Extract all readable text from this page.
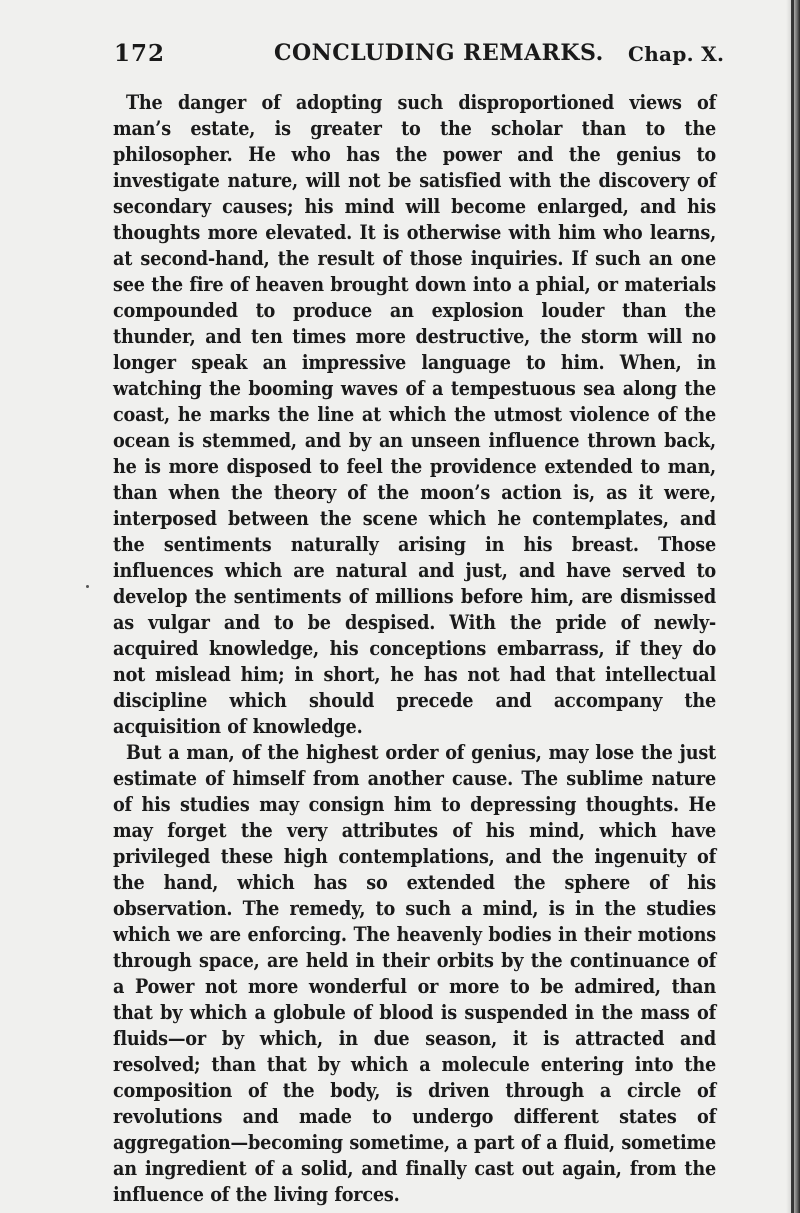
172	CONCLUDING REMARKS. Chap. X.

The danger of adopting such disproportioned views of man’s estate, is greater to the scholar than to the philosopher. He who has the power and the genius to investigate nature, will not be satisfied with the discovery of secondary causes; his mind will become enlarged, and his thoughts more elevated. It is otherwise with him who learns, at second-hand, the result of those inquiries. If such an one see the fire of heaven brought down into a phial, or materials compounded to produce an explosion louder than the thunder, and ten times more destructive, the storm will no longer speak an impressive language to him. When, in watching the booming waves of a tempestuous sea along the coast, he marks the line at which the utmost violence of the ocean is stemmed, and by an unseen influence thrown back, he is more disposed to feel the providence extended to man, than when the theory of the moon’s action is, as it were, interposed between the scene which he contemplates, and the sentiments naturally arising in his breast. Those influences which are natural and just, and have served to develop the sentiments of millions before him, are dismissed as vulgar and to be despised. With the pride of newly-acquired knowledge, his conceptions embarrass, if they do not mislead him; in short, he has not had that intellectual discipline which should precede and accompany the acquisition of knowledge.

But a man, of the highest order of genius, may lose the just estimate of himself from another cause. The sublime nature of his studies may consign him to depressing thoughts. He may forget the very attributes of his mind, which have privileged these high contemplations, and the ingenuity of the hand, which has so extended the sphere of his observation. The remedy, to such a mind, is in the studies which we are enforcing. The heavenly bodies in their motions through space, are held in their orbits by the continuance of a Power not more wonderful or more to be admired, than that by which a globule of blood is suspended in the mass of fluids—or by which, in due season, it is attracted and resolved; than that by which a molecule entering into the composition of the body, is driven through a circle of revolutions and made to undergo different states of aggregation—becoming sometime, a part of a fluid, sometime an ingredient of a solid, and finally cast out again, from the influence of the living forces.
